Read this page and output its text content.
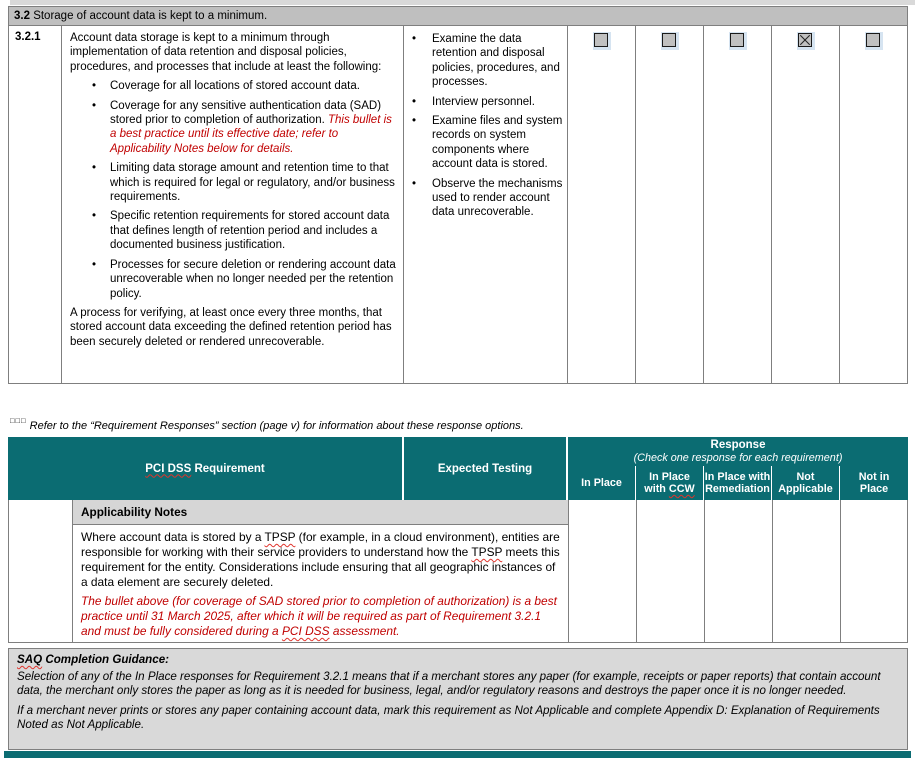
3.2 Storage of account data is kept to a minimum.
3.2.1	Account data storage is kept to a minimum through implementation of data retention and disposal policies, procedures, and processes that include at least the following:

•
Coverage for all locations of stored account data.
•
Coverage for any sensitive authentication data (SAD) stored prior to completion of authorization. This bullet is a best practice until its effective date; refer to Applicability Notes below for details.
•
Limiting data storage amount and retention time to that which is required for legal or regulatory, and/or business requirements.
•
Specific retention requirements for stored account data that defines length of retention period and includes a documented business justification.
•
Processes for secure deletion or rendering account data unrecoverable when no longer needed per the retention policy.

A process for verifying, at least once every three months, that stored account data exceeding the defined retention period has been securely deleted or rendered unrecoverable.

•
Examine the data retention and disposal policies, procedures, and processes.
•
Interview personnel.
•
Examine files and system records on system components where account data is stored.
•
Observe the mechanisms used to render account data unrecoverable.
□□□ Refer to the “Requirement Responses” section (page v) for information about these response options.
PCI DSS Requirement	Expected Testing
Response
(Check one response for each requirement)
In Place
In Place
with CCW
In Place with
Remediation
Not
Applicable
Not in
Place
Applicability Notes

Where account data is stored by a TPSP (for example, in a cloud environment), entities are responsible for working with their service providers to understand how the TPSP meets this requirement for the entity. Considerations include ensuring that all geographic instances of a data element are securely deleted.

The bullet above (for coverage of SAD stored prior to completion of authorization) is a best practice until 31 March 2025, after which it will be required as part of Requirement 3.2.1 and must be fully considered during a PCI DSS assessment.

SAQ Completion Guidance:

Selection of any of the In Place responses for Requirement 3.2.1 means that if a merchant stores any paper (for example, receipts or paper reports) that contain account data, the merchant only stores the paper as long as it is needed for business, legal, and/or regulatory reasons and destroys the paper once it is no longer needed.

If a merchant never prints or stores any paper containing account data, mark this requirement as Not Applicable and complete Appendix D: Explanation of Requirements Noted as Not Applicable.
